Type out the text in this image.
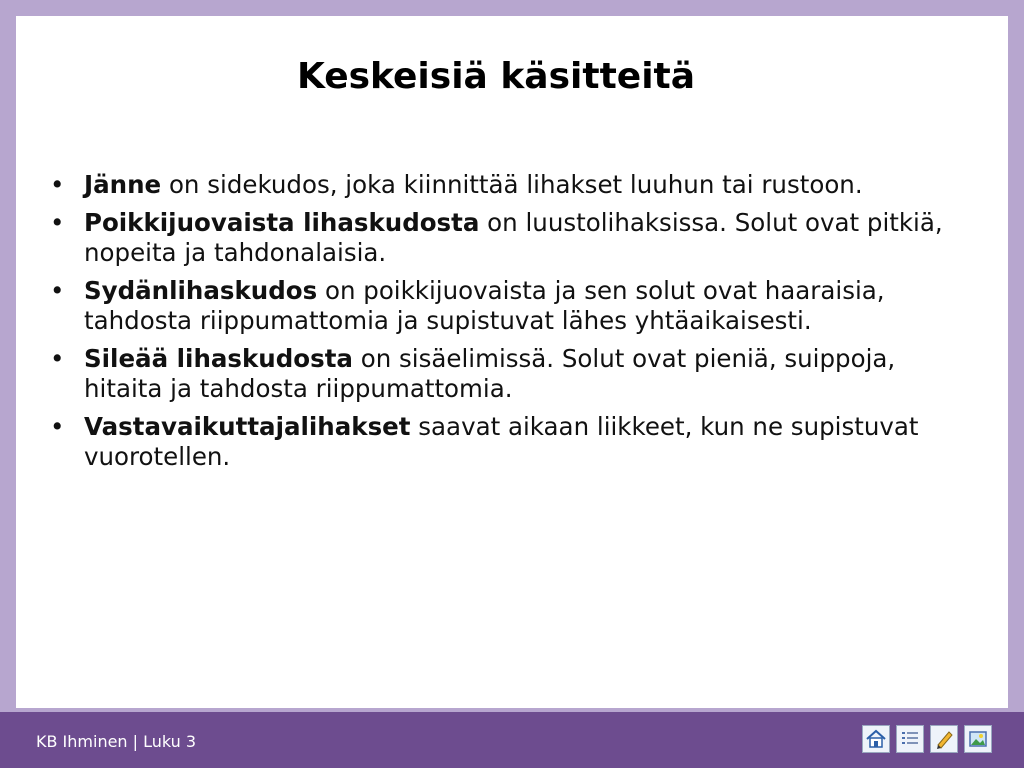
Keskeisiä käsitteitä
• Jänne on sidekudos, joka kiinnittää lihakset luuhun tai rustoon.
• Poikkijuovaista lihaskudosta on luustolihaksissa. Solut ovat pitkiä, nopeita ja tahdonalaisia.
• Sydänlihaskudos on poikkijuovaista ja sen solut ovat haaraisia, tahdosta riippumattomia ja supistuvat lähes yhtäaikaisesti.
• Sileää lihaskudosta on sisäelimissä. Solut ovat pieniä, suippoja, hitaita ja tahdosta riippumattomia.
• Vastavaikuttajalihakset saavat aikaan liikkeet, kun ne supistuvat vuorotellen.
KB Ihminen | Luku 3
